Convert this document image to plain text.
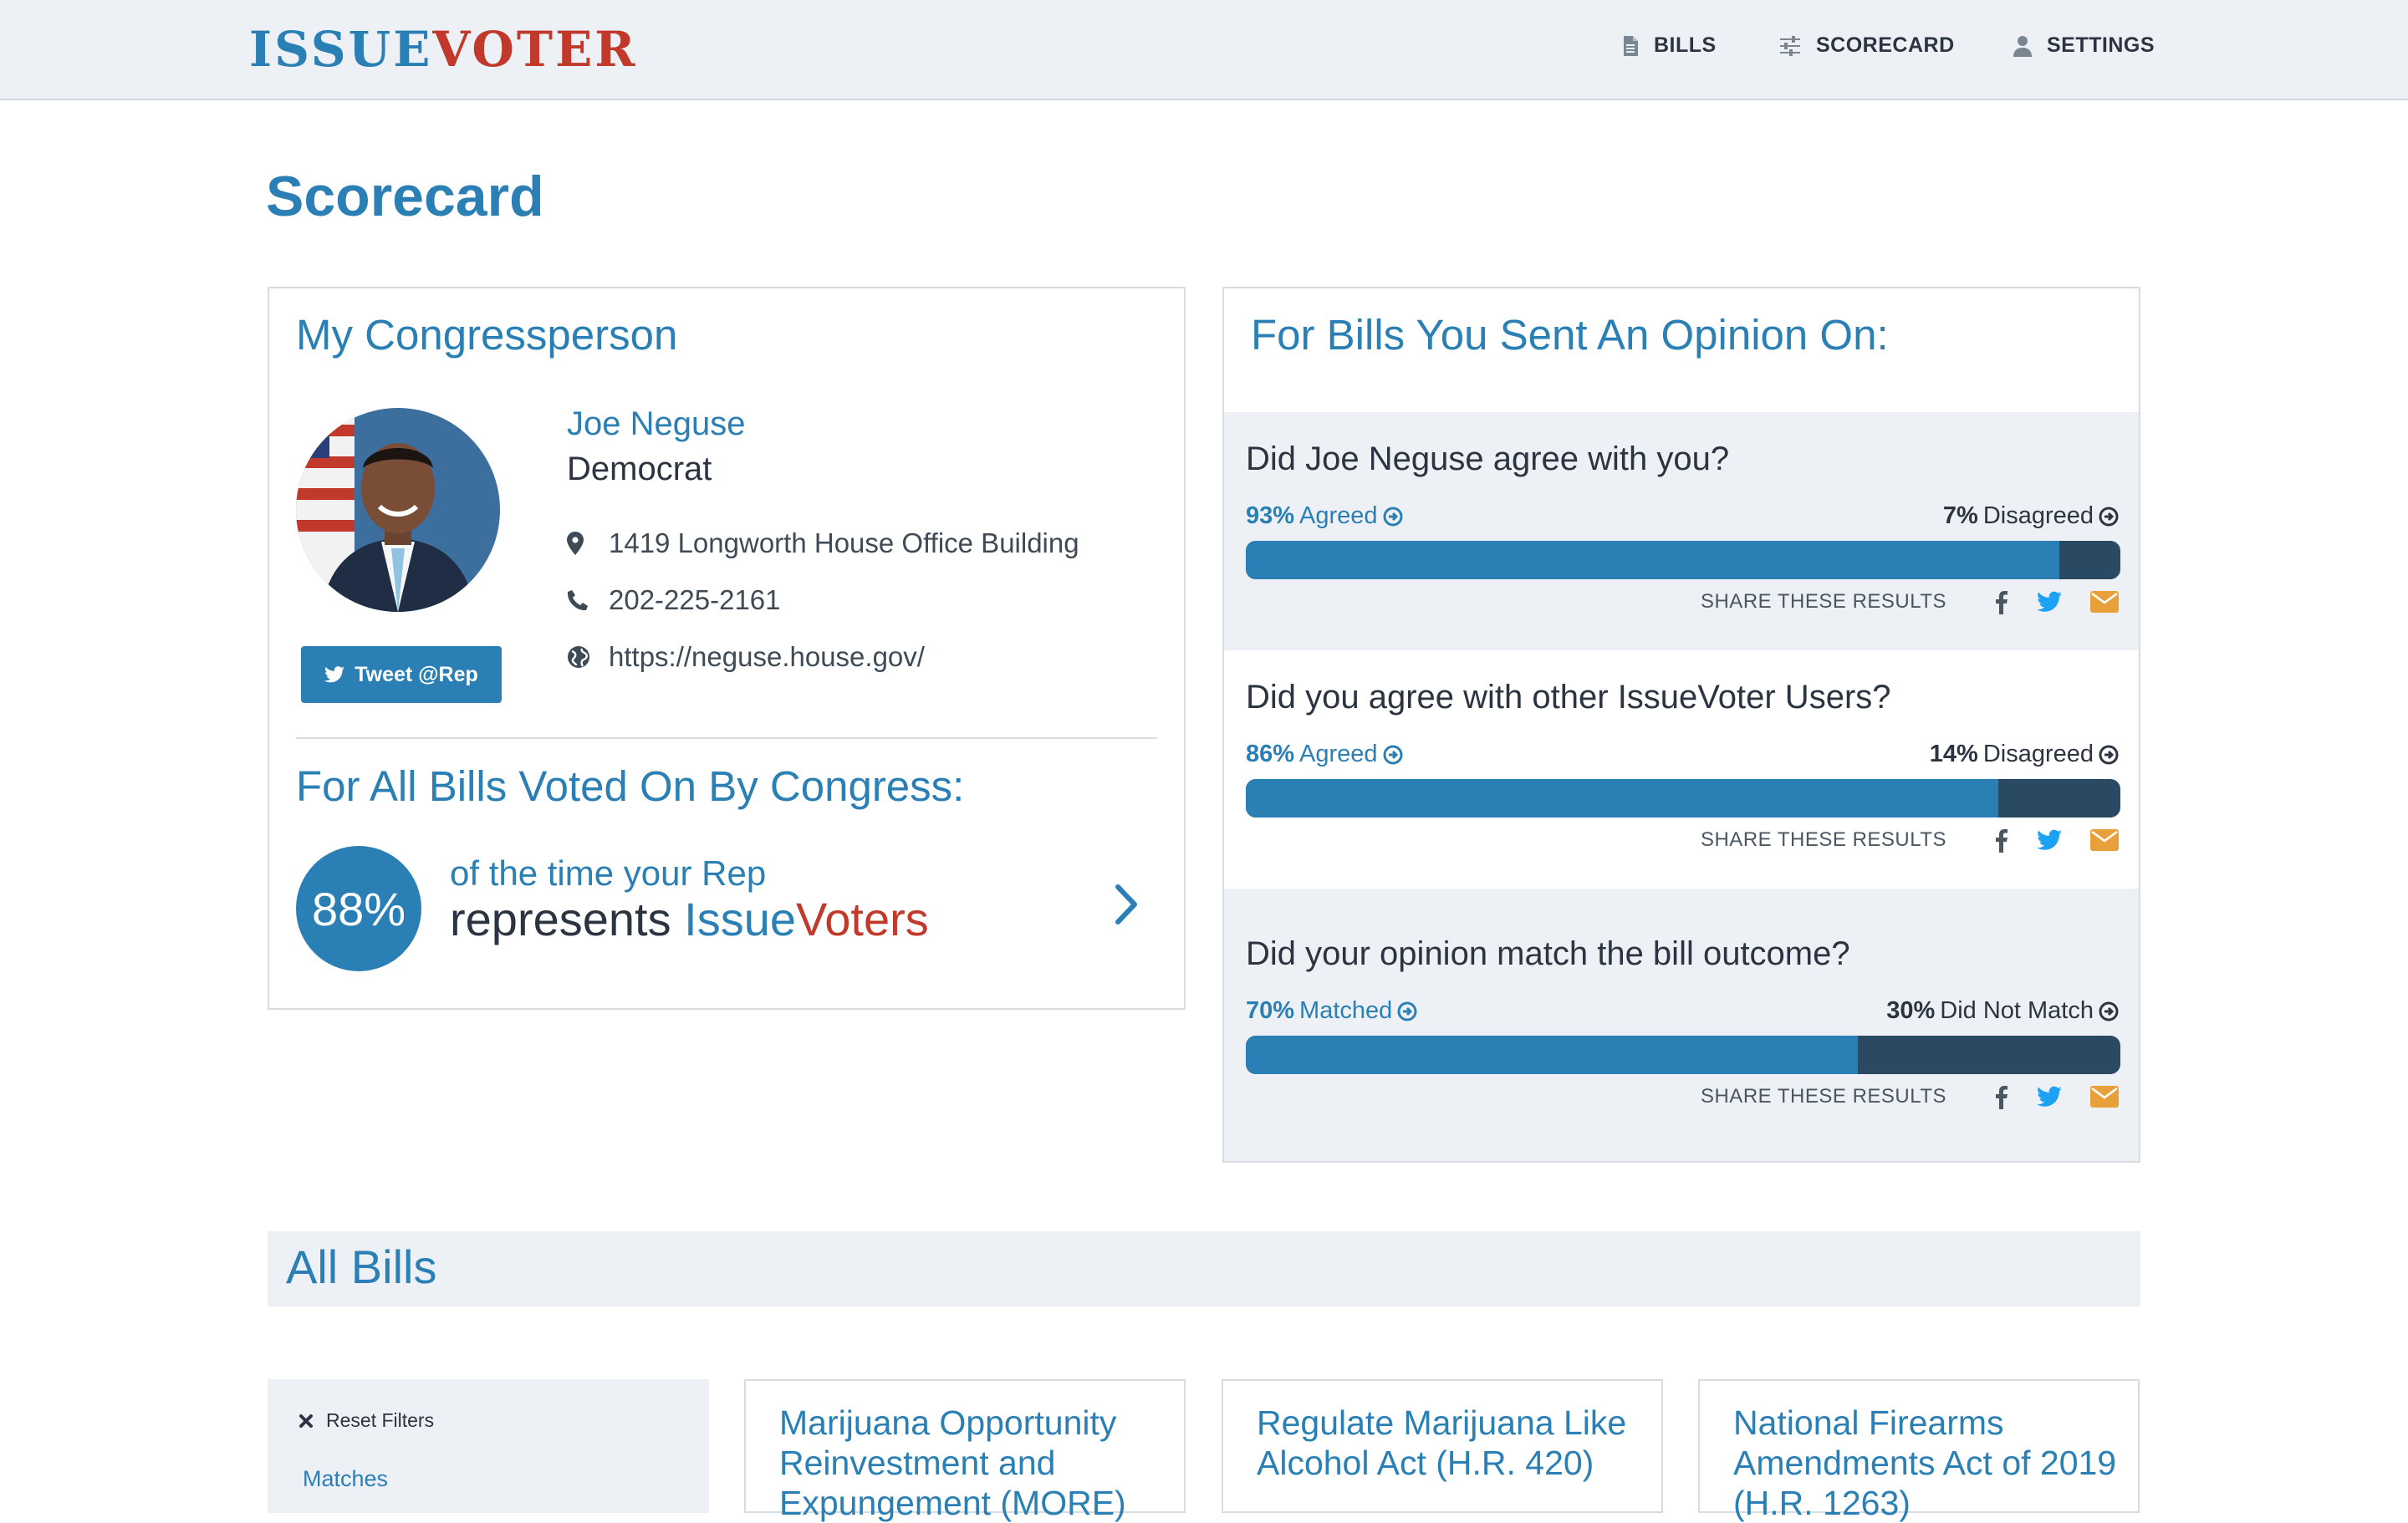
ISSUEVOTER	BILLS	SCORECARD	SETTINGS
Scorecard
My Congressperson
Tweet @Rep
Joe Neguse
Democrat
1419 Longworth House Office Building
202-225-2161
https://neguse.house.gov/
For All Bills Voted On By Congress:
88%
of the time your Rep
represents IssueVoters
For Bills You Sent An Opinion On:
Did Joe Neguse agree with you?
93% Agreed	7% Disagreed
SHARE THESE RESULTS
Did you agree with other IssueVoter Users?
86% Agreed	14% Disagreed
SHARE THESE RESULTS
Did your opinion match the bill outcome?
70% Matched	30% Did Not Match
SHARE THESE RESULTS
All Bills
Reset Filters
Matches
Marijuana Opportunity Reinvestment and Expungement (MORE)
Regulate Marijuana Like Alcohol Act (H.R. 420)
National Firearms Amendments Act of 2019 (H.R. 1263)
